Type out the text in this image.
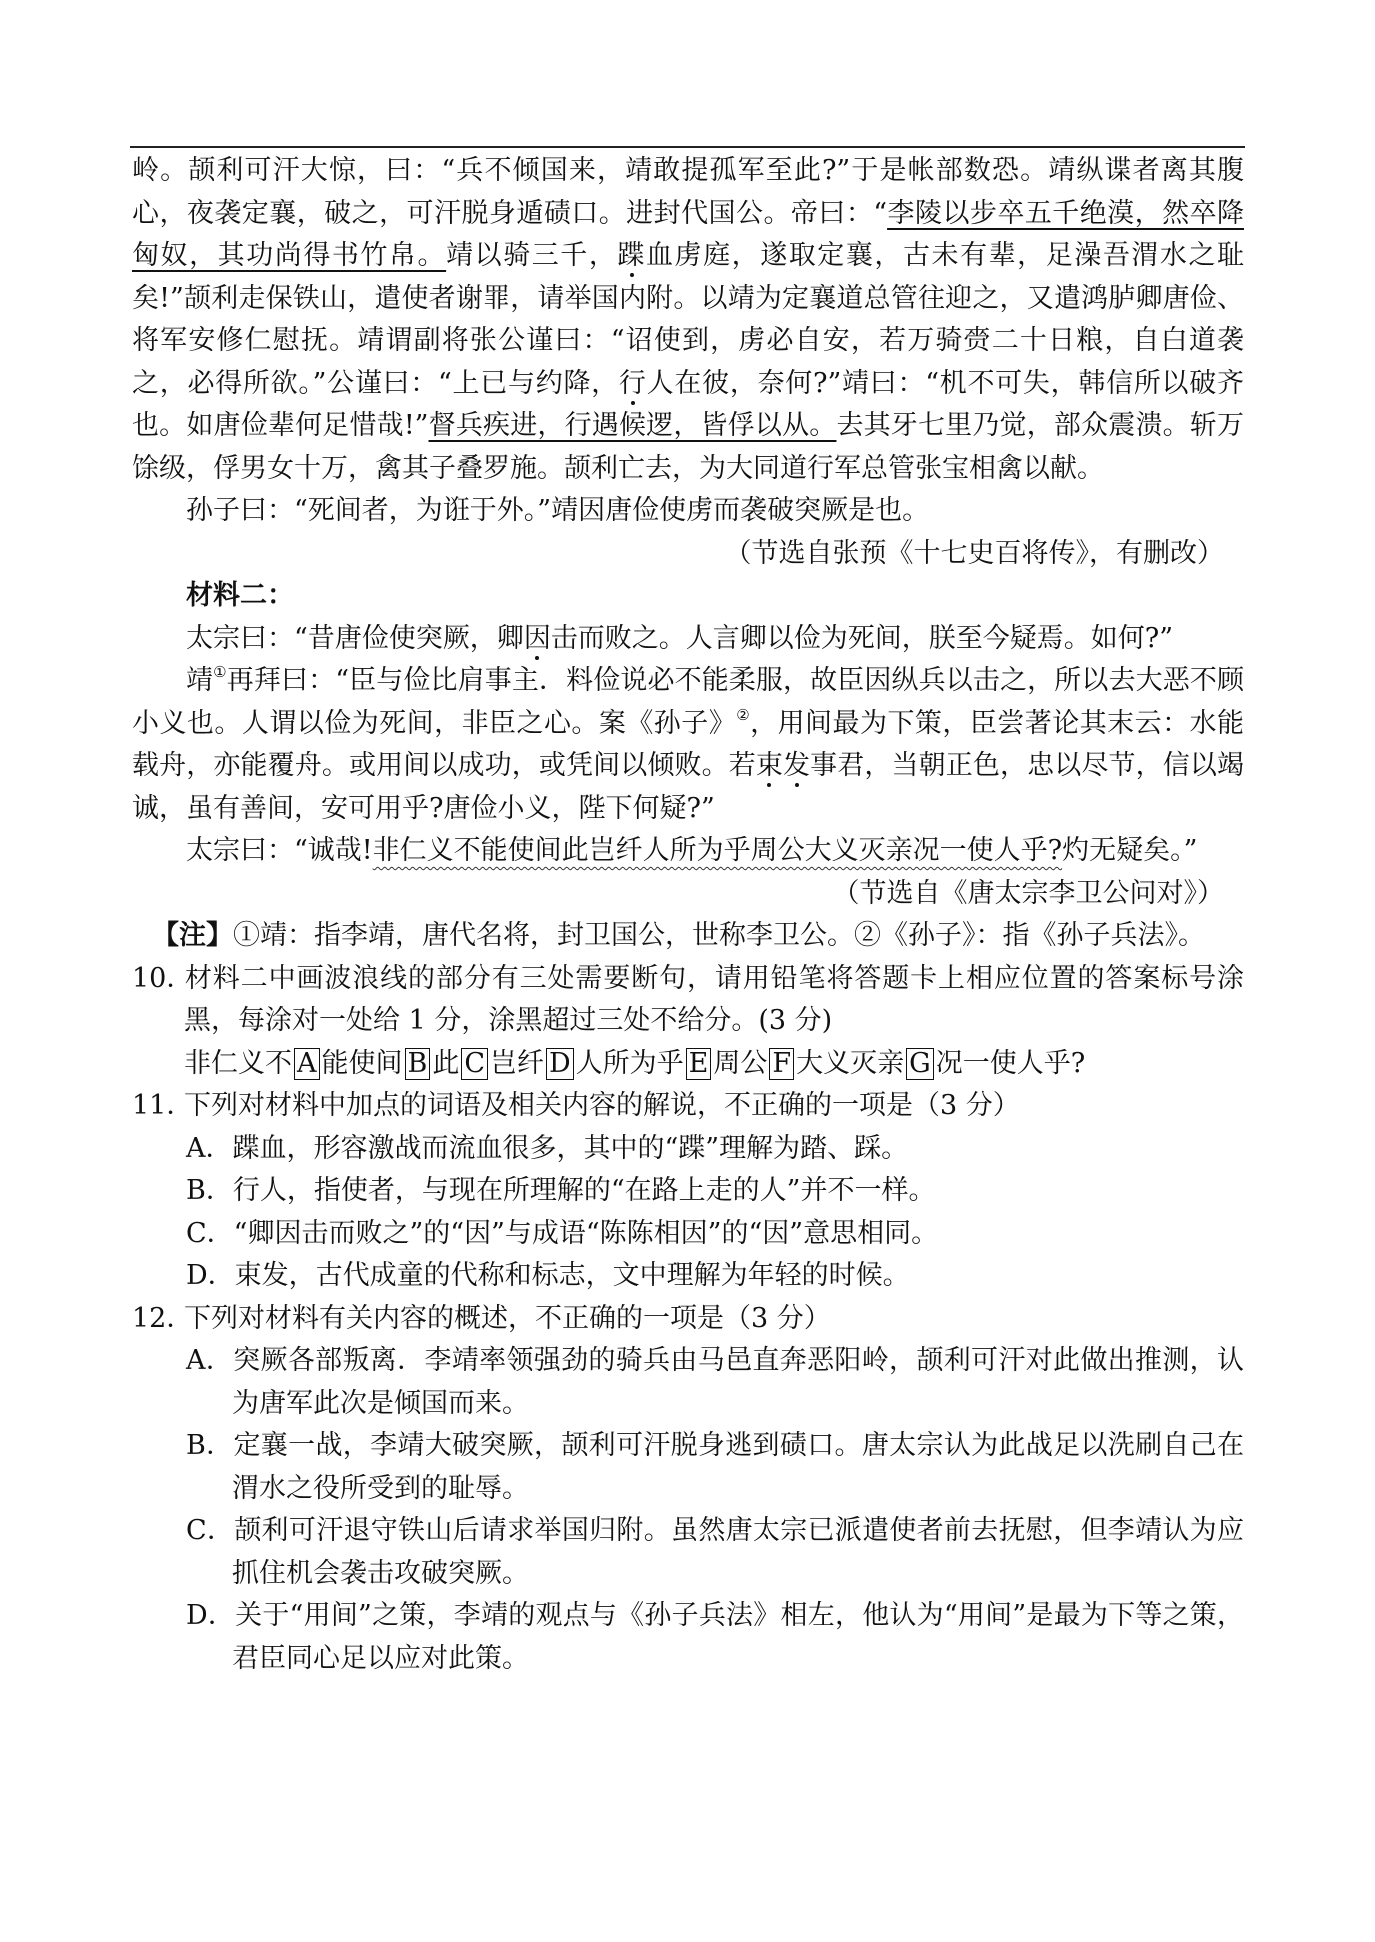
岭。颉利可汗大惊，曰：“兵不倾国来，靖敢提孤军至此?”于是帐部数恐。靖纵谍者离其腹心，夜袭定襄，破之，可汗脱身遁碛口。进封代国公。帝曰：“李陵以步卒五千绝漠，然卒降匈奴，其功尚得书竹帛。靖以骑三千，蹀血虏庭，遂取定襄，古未有辈，足澡吾渭水之耻矣!”颉利走保铁山，遣使者谢罪，请举国内附。以靖为定襄道总管往迎之，又遣鸿胪卿唐俭、将军安修仁慰抚。靖谓副将张公谨曰：“诏使到，虏必自安，若万骑赍二十日粮，自白道袭之，必得所欲。”公谨曰：“上已与约降，行人在彼，奈何?”靖曰：“机不可失，韩信所以破齐也。如唐俭辈何足惜哉!”督兵疾进，行遇候逻，皆俘以从。去其牙七里乃觉，部众震溃。斩万馀级，俘男女十万，禽其子叠罗施。颉利亡去，为大同道行军总管张宝相禽以献。

孙子曰：“死间者，为诳于外。”靖因唐俭使虏而袭破突厥是也。

（节选自张预《十七史百将传》，有删改）

材料二：

太宗曰：“昔唐俭使突厥，卿因击而败之。人言卿以俭为死间，朕至今疑焉。如何?”

靖①再拜曰：“臣与俭比肩事主．料俭说必不能柔服，故臣因纵兵以击之，所以去大恶不顾小义也。人谓以俭为死间，非臣之心。案《孙子》②，用间最为下策，臣尝著论其末云：水能载舟，亦能覆舟。或用间以成功，或凭间以倾败。若束发事君，当朝正色，忠以尽节，信以竭诚，虽有善间，安可用乎?唐俭小义，陛下何疑?”

太宗曰：“诚哉!非仁义不能使间此岂纤人所为乎周公大义灭亲况一使人乎?灼无疑矣。”

（节选自《唐太宗李卫公问对》）

【注】①靖：指李靖，唐代名将，封卫国公，世称李卫公。②《孙子》：指《孙子兵法》。

10．材料二中画波浪线的部分有三处需要断句，请用铅笔将答题卡上相应位置的答案标号涂黑，每涂对一处给 1 分，涂黑超过三处不给分。(3 分)

非仁义不 A 能使间 B 此 C 岂纤 D 人所为乎 E 周公 F 大义灭亲 G 况一使人乎?

11．下列对材料中加点的词语及相关内容的解说，不正确的一项是（3 分）

A．蹀血，形容激战而流血很多，其中的“蹀”理解为踏、踩。

B．行人，指使者，与现在所理解的“在路上走的人”并不一样。

C．“卿因击而败之”的“因”与成语“陈陈相因”的“因”意思相同。

D．束发，古代成童的代称和标志，文中理解为年轻的时候。

12．下列对材料有关内容的概述，不正确的一项是（3 分）

A．突厥各部叛离．李靖率领强劲的骑兵由马邑直奔恶阳岭，颉利可汗对此做出推测，认为唐军此次是倾国而来。

B．定襄一战，李靖大破突厥，颉利可汗脱身逃到碛口。唐太宗认为此战足以洗刷自己在渭水之役所受到的耻辱。

C．颉利可汗退守铁山后请求举国归附。虽然唐太宗已派遣使者前去抚慰，但李靖认为应抓住机会袭击攻破突厥。

D．关于“用间”之策，李靖的观点与《孙子兵法》相左，他认为“用间”是最为下等之策，君臣同心足以应对此策。
